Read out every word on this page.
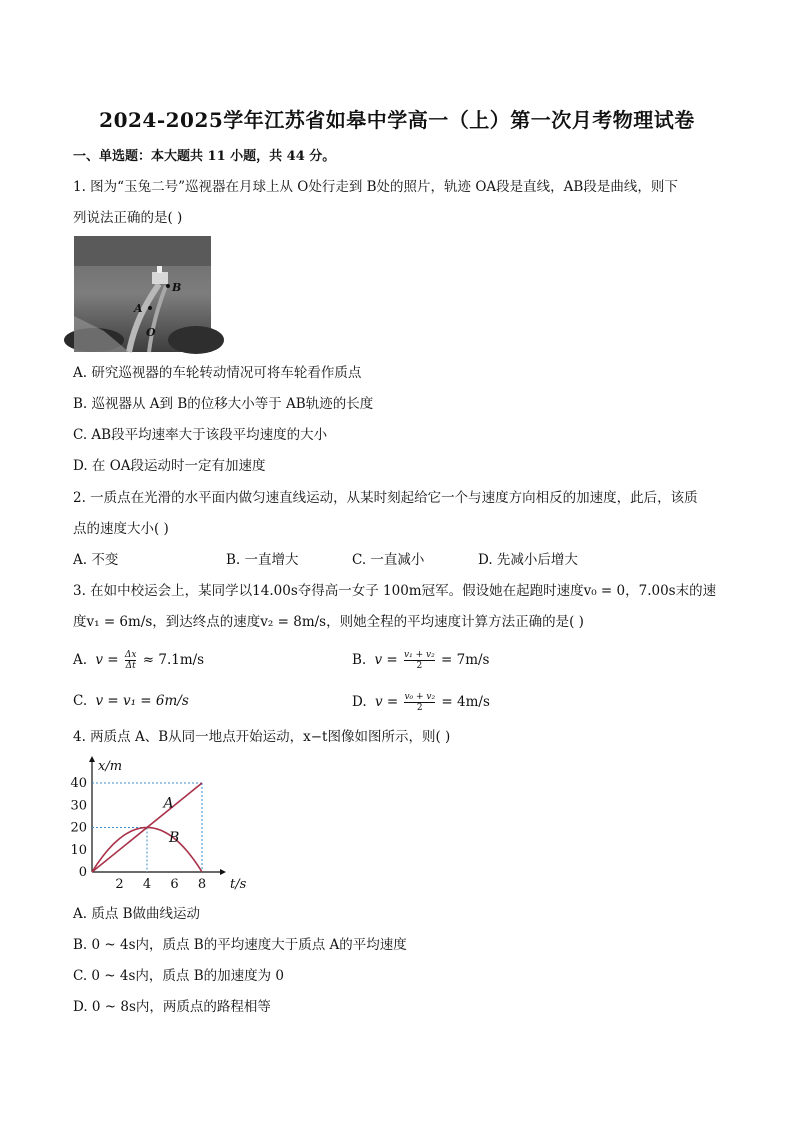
2024-2025学年江苏省如皋中学高一（上）第一次月考物理试卷
一、单选题：本大题共 11 小题，共 44 分。
1. 图为“玉兔二号”巡视器在月球上从 O处行走到 B处的照片，轨迹 OA段是直线，AB段是曲线，则下
列说法正确的是( )
A
B
O
A. 研究巡视器的车轮转动情况可将车轮看作质点
B. 巡视器从 A到 B的位移大小等于 AB轨迹的长度
C. AB段平均速率大于该段平均速度的大小
D. 在 OA段运动时一定有加速度
2. 一质点在光滑的水平面内做匀速直线运动，从某时刻起给它一个与速度方向相反的加速度，此后，该质
点的速度大小( )
A. 不变	B. 一直增大	C. 一直减小	D. 先减小后增大
3. 在如中校运会上，某同学以14.00s夺得高一女子 100m冠军。假设她在起跑时速度v₀ = 0，7.00s末的速
度v₁ = 6m/s，到达终点的速度v₂ = 8m/s，则她全程的平均速度计算方法正确的是( )
A. $v = \frac{\Delta x}{\Delta t} \approx 7.1m/s$	B. $v = \frac{\text{v₁ + v₂}}{2} = 7m/s$
C. v = v₁ = 6m/s	D. $v = \frac{\text{v₀ + v₂}}{2} = 4m/s$
4. 两质点 A、B从同一地点开始运动，x−t图像如图所示，则( )
0
10
20
30
40
2 4 6 8 t/s
x/m
A
B
A. 质点 B做曲线运动
B. 0 ~ 4s内，质点 B的平均速度大于质点 A的平均速度
C. 0 ~ 4s内，质点 B的加速度为 0
D. 0 ~ 8s内，两质点的路程相等
